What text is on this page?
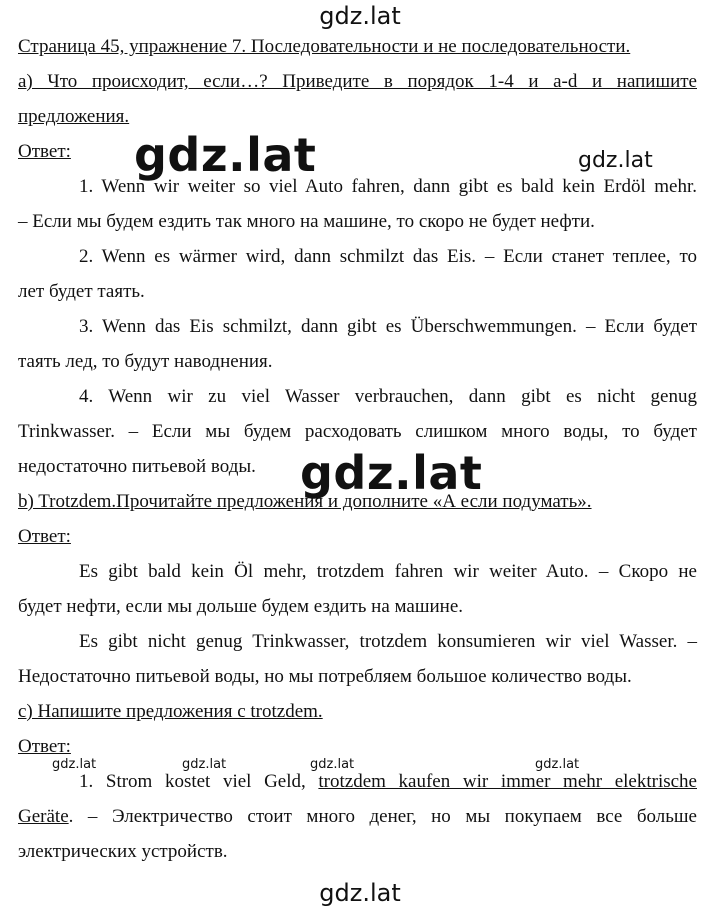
gdz.lat
Страница 45, упражнение 7. Последовательности и не последовательности.
а) Что происходит, если…? Приведите в порядок 1-4 и a-d и напишите
предложения.
Ответ: gdz.lat	gdz.lat
1. Wenn wir weiter so viel Auto fahren, dann gibt es bald kein Erdöl mehr.
– Если мы будем ездить так много на машине, то скоро не будет нефти.
2. Wenn es wärmer wird, dann schmilzt das Eis. – Если станет теплее, то
лет будет таять.
3. Wenn das Eis schmilzt, dann gibt es Überschwemmungen. – Если будет
таять лед, то будут наводнения.
4. Wenn wir zu viel Wasser verbrauchen, dann gibt es nicht genug
Trinkwasser. – Если мы будем расходовать слишком много воды, то будет
недостаточно питьевой воды. gdz.lat
b) Trotzdem.Прочитайте предложения и дополните «А если подумать».
Ответ:
Es gibt bald kein Öl mehr, trotzdem fahren wir weiter Auto. – Скоро не
будет нефти, если мы дольше будем ездить на машине.
Es gibt nicht genug Trinkwasser, trotzdem konsumieren wir viel Wasser. –
Недостаточно питьевой воды, но мы потребляем большое количество воды.
c) Напишите предложения с trotzdem.
Ответ:
gdz.lat	gdz.lat	gdz.lat	gdz.lat
1. Strom kostet viel Geld, trotzdem kaufen wir immer mehr elektrische
Geräte. – Электричество стоит много денег, но мы покупаем все больше
электрических устройств.
gdz.lat
